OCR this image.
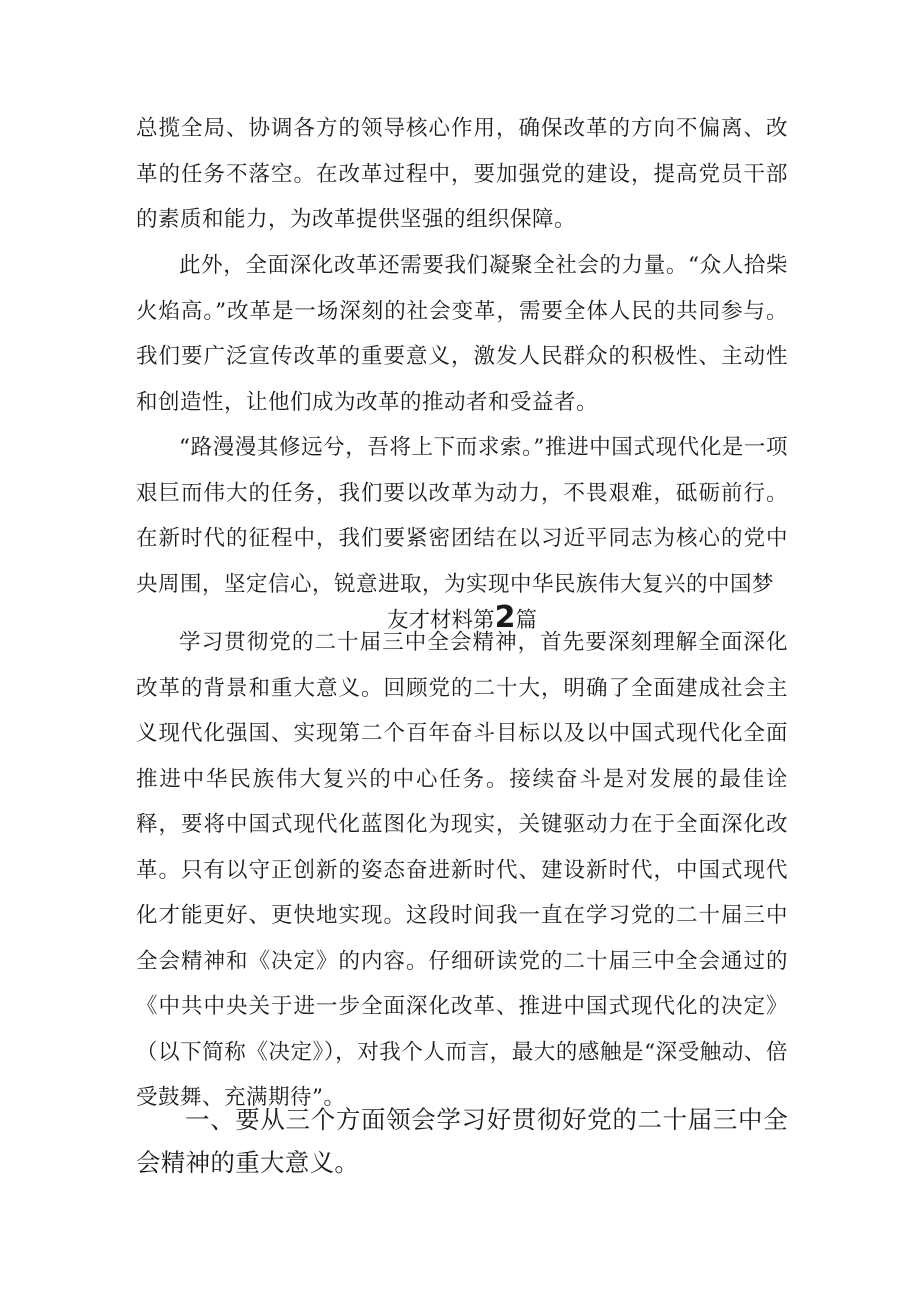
总揽全局、协调各方的领导核心作用，确保改革的方向不偏离、改革的任务不落空。在改革过程中，要加强党的建设，提高党员干部的素质和能力，为改革提供坚强的组织保障。

此外，全面深化改革还需要我们凝聚全社会的力量。“众人拾柴火焰高。”改革是一场深刻的社会变革，需要全体人民的共同参与。我们要广泛宣传改革的重要意义，激发人民群众的积极性、主动性和创造性，让他们成为改革的推动者和受益者。

“路漫漫其修远兮，吾将上下而求索。”推进中国式现代化是一项艰巨而伟大的任务，我们要以改革为动力，不畏艰难，砥砺前行。在新时代的征程中，我们要紧密团结在以习近平同志为核心的党中央周围，坚定信心，锐意进取，为实现中华民族伟大复兴的中国梦

友才材料第2篇

学习贯彻党的二十届三中全会精神，首先要深刻理解全面深化改革的背景和重大意义。回顾党的二十大，明确了全面建成社会主义现代化强国、实现第二个百年奋斗目标以及以中国式现代化全面推进中华民族伟大复兴的中心任务。接续奋斗是对发展的最佳诠释，要将中国式现代化蓝图化为现实，关键驱动力在于全面深化改革。只有以守正创新的姿态奋进新时代、建设新时代，中国式现代化才能更好、更快地实现。这段时间我一直在学习党的二十届三中全会精神和《决定》的内容。仔细研读党的二十届三中全会通过的《中共中央关于进一步全面深化改革、推进中国式现代化的决定》（以下简称《决定》），对我个人而言，最大的感触是“深受触动、倍受鼓舞、充满期待”。

一、要从三个方面领会学习好贯彻好党的二十届三中全会精神的重大意义。
